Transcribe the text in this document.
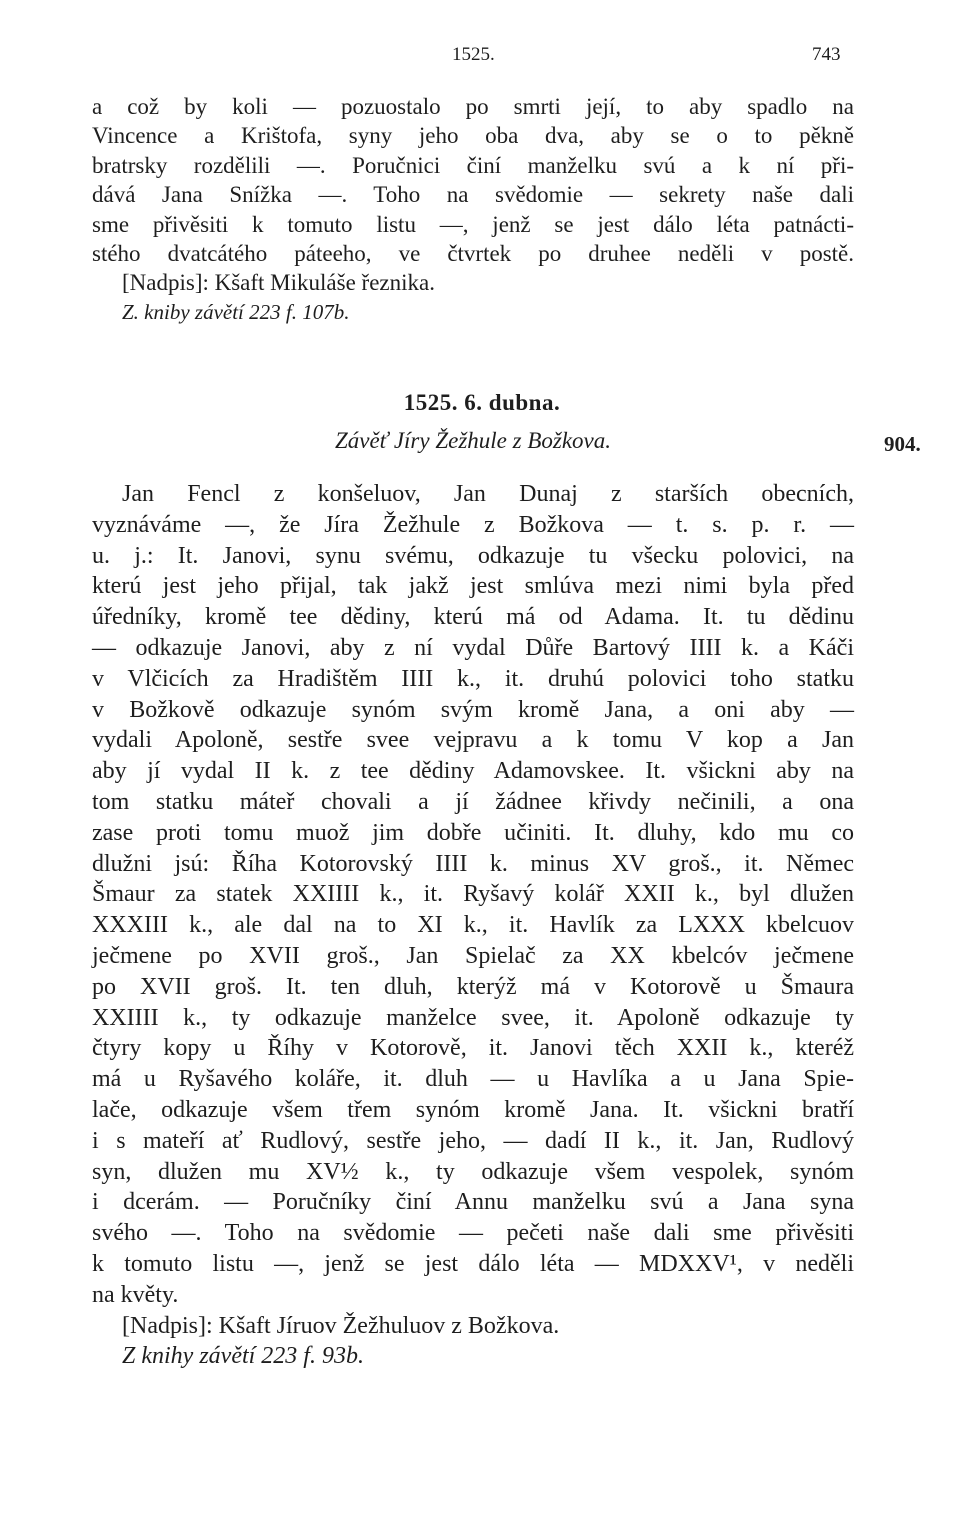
1525.	743
a což by koli — pozuostalo po smrti její, to aby spadlo na
Vincence a Krištofa, syny jeho oba dva, aby se o to pěkně
bratrsky rozdělili —. Poručnici činí manželku svú a k ní při-
dává Jana Snížka —. Toho na svědomie — sekrety naše dali
sme přivěsiti k tomuto listu —, jenž se jest dálo léta patnácti-
stého dvatcátého páteeho, ve čtvrtek po druhee neděli v postě.
[Nadpis]: Kšaft Mikuláše řeznika.
Z. kniby závětí 223 f. 107b.
1525. 6. dubna.
Závěť Jíry Žežhule z Božkova.	904.
Jan Fencl z konšeluov, Jan Dunaj z starších obecních,
vyznáváme —, že Jíra Žežhule z Božkova — t. s. p. r. —
u. j.: It. Janovi, synu svému, odkazuje tu všecku polovici, na
kterú jest jeho přijal, tak jakž jest smlúva mezi nimi byla před
úředníky, kromě tee dědiny, kterú má od Adama. It. tu dědinu
— odkazuje Janovi, aby z ní vydal Důře Bartový IIII k. a Káči
v Vlčicích za Hradištěm IIII k., it. druhú polovici toho statku
v Božkově odkazuje synóm svým kromě Jana, a oni aby —
vydali Apoloně, sestře svee vejpravu a k tomu V kop a Jan
aby jí vydal II k. z tee dědiny Adamovskee. It. všickni aby na
tom statku máteř chovali a jí žádnee křivdy nečinili, a ona
zase proti tomu muož jim dobře učiniti. It. dluhy, kdo mu co
dlužni jsú: Říha Kotorovský IIII k. minus XV groš., it. Němec
Šmaur za statek XXIIII k., it. Ryšavý kolář XXII k., byl dlužen
XXXIII k., ale dal na to XI k., it. Havlík za LXXX kbelcuov
ječmene po XVII groš., Jan Spielač za XX kbelcóv ječmene
po XVII groš. It. ten dluh, kterýž má v Kotorově u Šmaura
XXIIII k., ty odkazuje manželce svee, it. Apoloně odkazuje ty
čtyry kopy u Říhy v Kotorově, it. Janovi těch XXII k., kteréž
má u Ryšavého koláře, it. dluh — u Havlíka a u Jana Spie-
lače, odkazuje všem třem synóm kromě Jana. It. všickni bratří
i s mateří ať Rudlový, sestře jeho, — dadí II k., it. Jan, Rudlový
syn, dlužen mu XV½ k., ty odkazuje všem vespolek, synóm
i dcerám. — Poručníky činí Annu manželku svú a Jana syna
svého —. Toho na svědomie — pečeti naše dali sme přivěsiti
k tomuto listu —, jenž se jest dálo léta — MDXXV¹, v neděli
na květy.
[Nadpis]: Kšaft Jíruov Žežhuluov z Božkova.
Z knihy závětí 223 f. 93b.
